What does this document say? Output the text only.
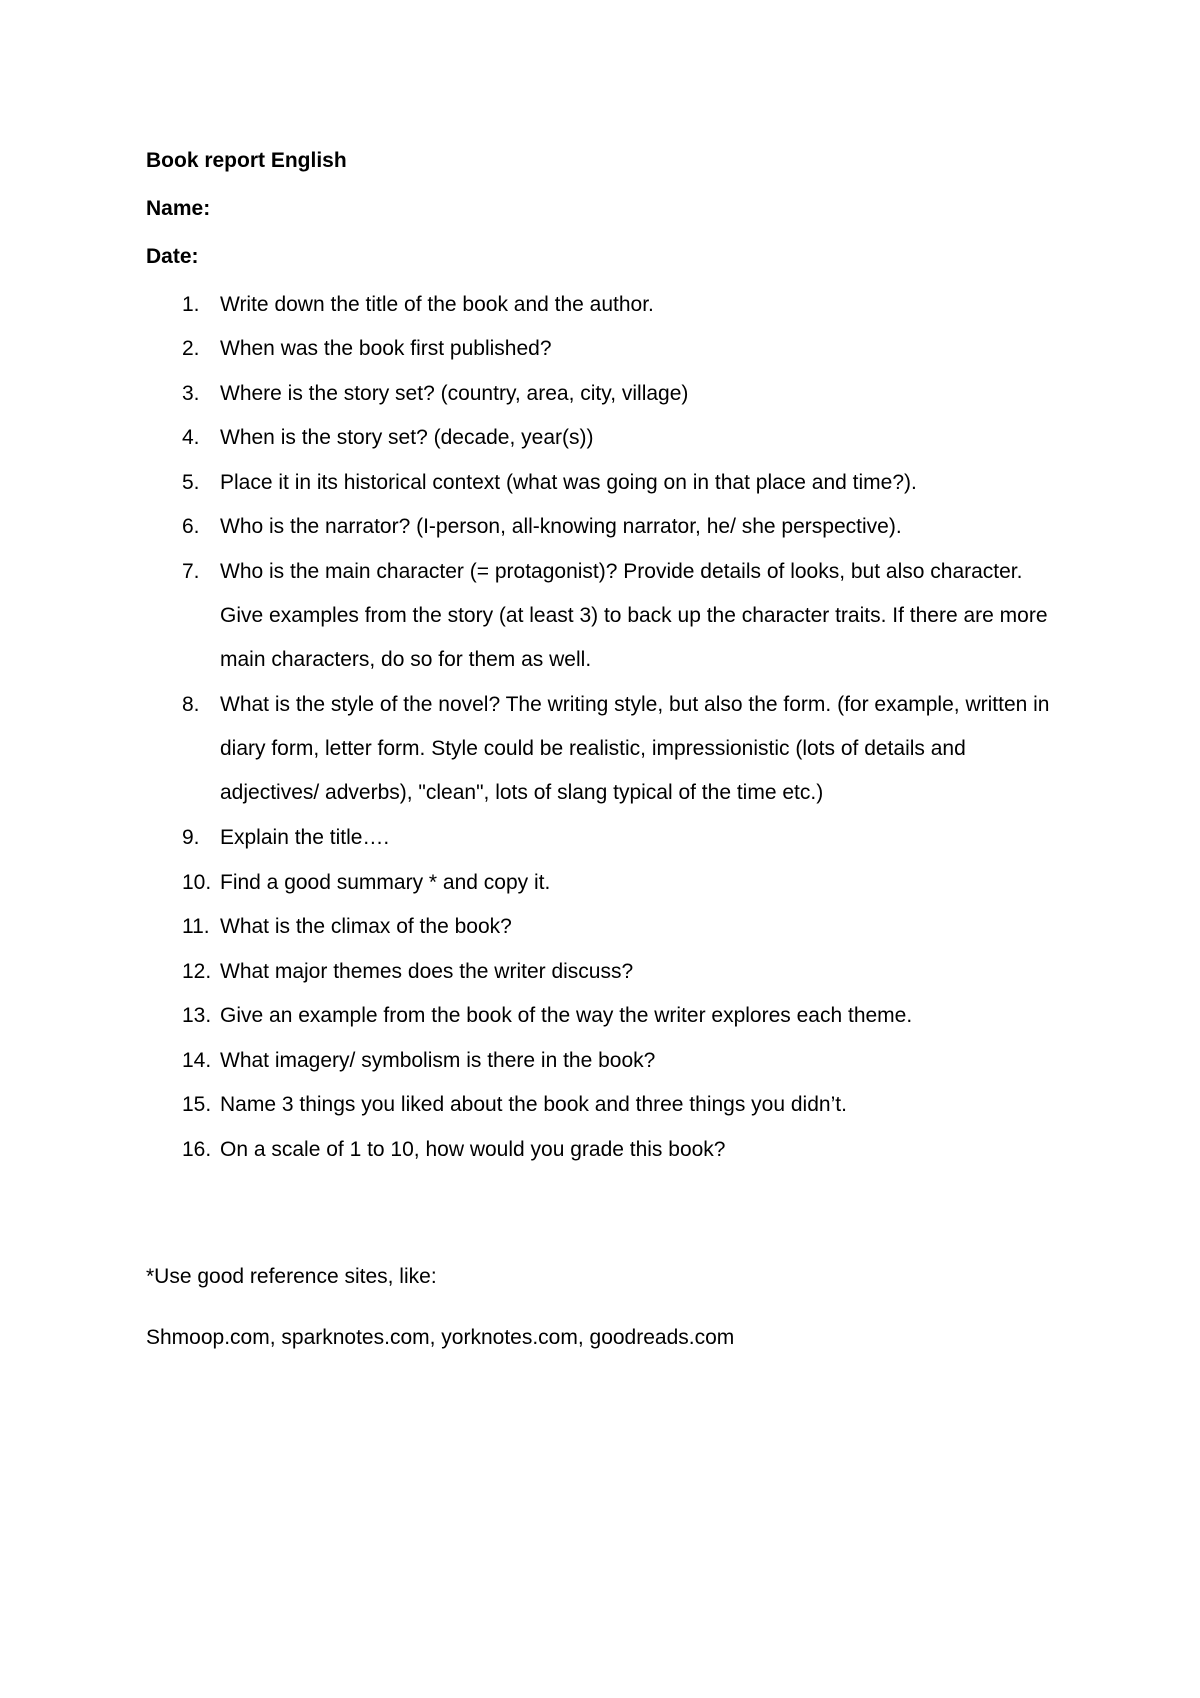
Book report English
Name:
Date:
1. Write down the title of the book and the author.
2. When was the book first published?
3. Where is the story set? (country, area, city, village)
4. When is the story set? (decade, year(s))
5. Place it in its historical context (what was going on in that place and time?).
6. Who is the narrator? (I-person, all-knowing narrator, he/ she perspective).
7. Who is the main character (= protagonist)? Provide details of looks, but also character. Give examples from the story (at least 3) to back up the character traits. If there are more main characters, do so for them as well.
8. What is the style of the novel? The writing style, but also the form. (for example, written in diary form, letter form. Style could be realistic, impressionistic (lots of details and adjectives/ adverbs), "clean", lots of slang typical of the time etc.)
9. Explain the title….
10. Find a good summary * and copy it.
11. What is the climax of the book?
12. What major themes does the writer discuss?
13. Give an example from the book of the way the writer explores each theme.
14. What imagery/ symbolism is there in the book?
15. Name 3 things you liked about the book and three things you didn’t.
16. On a scale of 1 to 10, how would you grade this book?
*Use good reference sites, like:
Shmoop.com, sparknotes.com, yorknotes.com, goodreads.com
